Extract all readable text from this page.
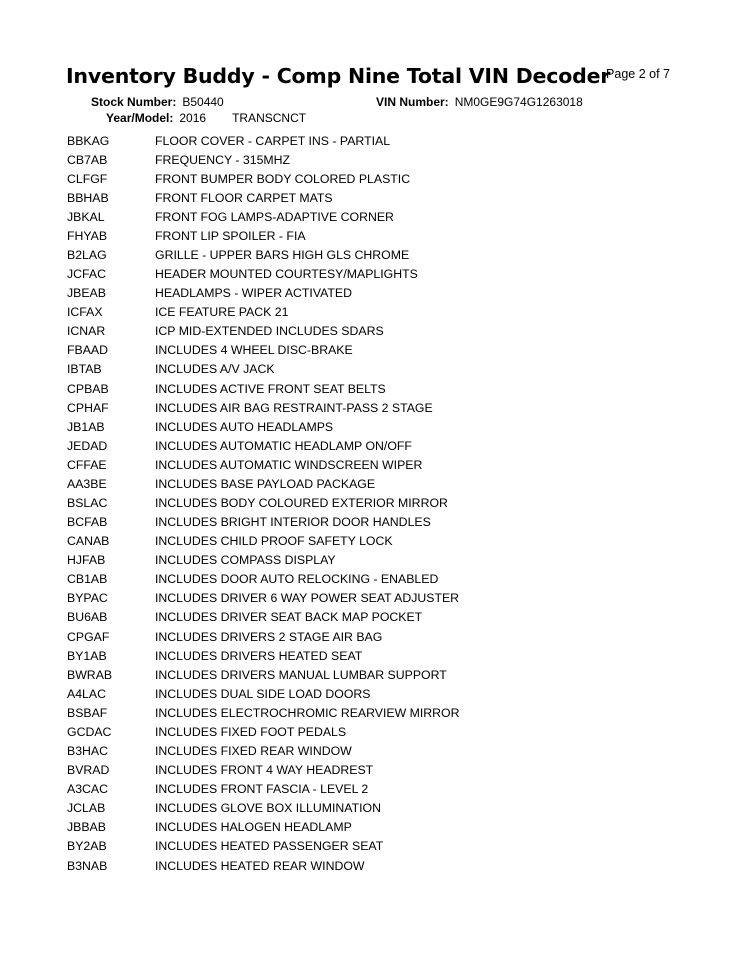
Inventory Buddy - Comp Nine Total VIN Decoder
Page 2 of 7
Stock Number: B50440	VIN Number: NM0GE9G74G1263018
Year/Model: 2016 TRANSCNCT
BBKAG	FLOOR COVER - CARPET INS - PARTIAL
CB7AB	FREQUENCY - 315MHZ
CLFGF	FRONT BUMPER BODY COLORED PLASTIC
BBHAB	FRONT FLOOR CARPET MATS
JBKAL	FRONT FOG LAMPS-ADAPTIVE CORNER
FHYAB	FRONT LIP SPOILER - FIA
B2LAG	GRILLE - UPPER BARS HIGH GLS CHROME
JCFAC	HEADER MOUNTED COURTESY/MAPLIGHTS
JBEAB	HEADLAMPS - WIPER ACTIVATED
ICFAX	ICE FEATURE PACK 21
ICNAR	ICP MID-EXTENDED INCLUDES SDARS
FBAAD	INCLUDES 4 WHEEL DISC-BRAKE
IBTAB	INCLUDES A/V JACK
CPBAB	INCLUDES ACTIVE FRONT SEAT BELTS
CPHAF	INCLUDES AIR BAG RESTRAINT-PASS 2 STAGE
JB1AB	INCLUDES AUTO HEADLAMPS
JEDAD	INCLUDES AUTOMATIC HEADLAMP ON/OFF
CFFAE	INCLUDES AUTOMATIC WINDSCREEN WIPER
AA3BE	INCLUDES BASE PAYLOAD PACKAGE
BSLAC	INCLUDES BODY COLOURED EXTERIOR MIRROR
BCFAB	INCLUDES BRIGHT INTERIOR DOOR HANDLES
CANAB	INCLUDES CHILD PROOF SAFETY LOCK
HJFAB	INCLUDES COMPASS DISPLAY
CB1AB	INCLUDES DOOR AUTO RELOCKING - ENABLED
BYPAC	INCLUDES DRIVER 6 WAY POWER SEAT ADJUSTER
BU6AB	INCLUDES DRIVER SEAT BACK MAP POCKET
CPGAF	INCLUDES DRIVERS 2 STAGE AIR BAG
BY1AB	INCLUDES DRIVERS HEATED SEAT
BWRAB	INCLUDES DRIVERS MANUAL LUMBAR SUPPORT
A4LAC	INCLUDES DUAL SIDE LOAD DOORS
BSBAF	INCLUDES ELECTROCHROMIC REARVIEW MIRROR
GCDAC	INCLUDES FIXED FOOT PEDALS
B3HAC	INCLUDES FIXED REAR WINDOW
BVRAD	INCLUDES FRONT 4 WAY HEADREST
A3CAC	INCLUDES FRONT FASCIA - LEVEL 2
JCLAB	INCLUDES GLOVE BOX ILLUMINATION
JBBAB	INCLUDES HALOGEN HEADLAMP
BY2AB	INCLUDES HEATED PASSENGER SEAT
B3NAB	INCLUDES HEATED REAR WINDOW
